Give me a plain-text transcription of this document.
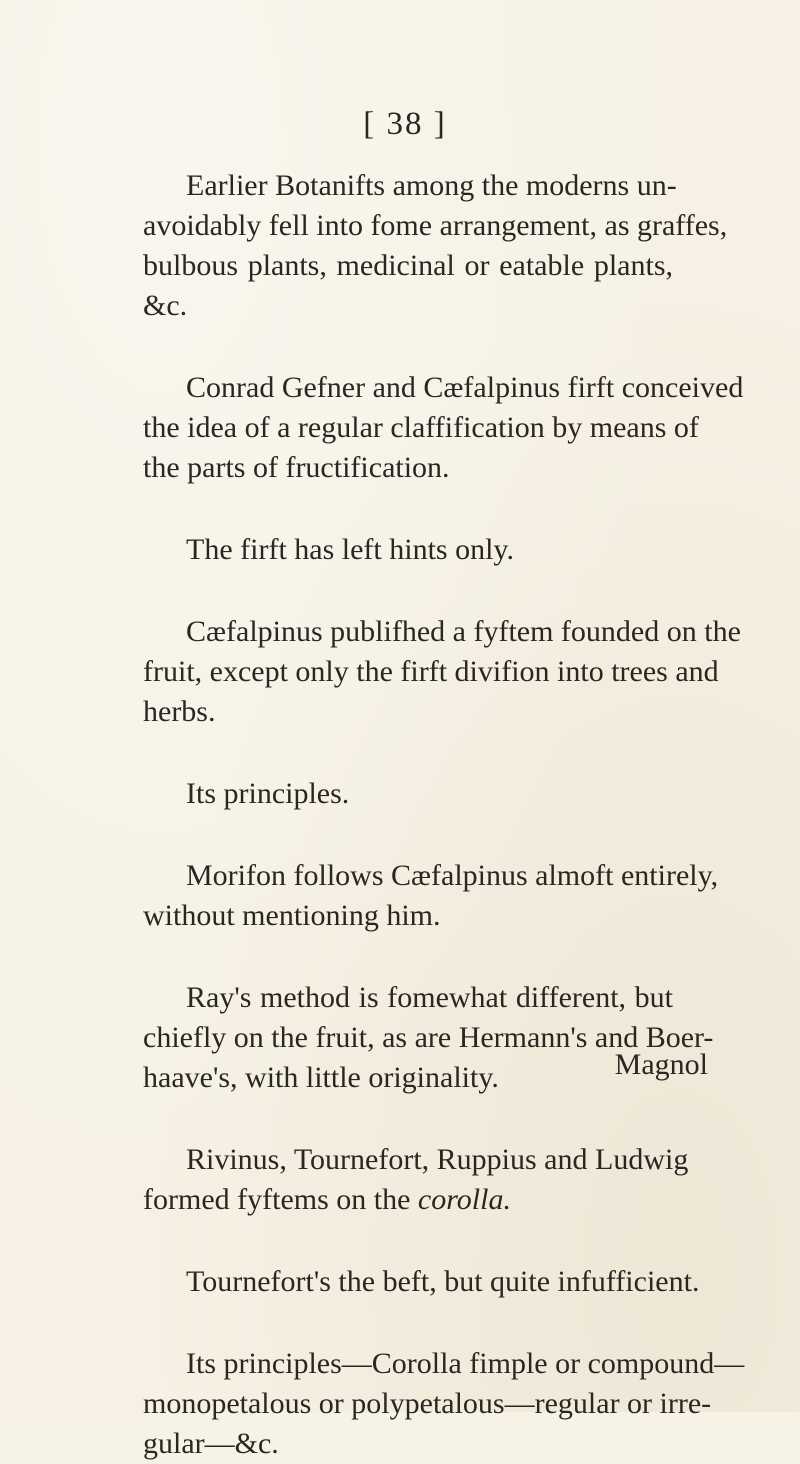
[ 38 ]

Earlier Botanifts among the moderns un-
avoidably fell into fome arrangement, as graffes,
bulbous plants, medicinal or eatable plants,
&c.

Conrad Gefner and Cæfalpinus firft conceived
the idea of a regular claffification by means of
the parts of fructification.

The firft has left hints only.

Cæfalpinus publifhed a fyftem founded on the
fruit, except only the firft divifion into trees and
herbs.

Its principles.

Morifon follows Cæfalpinus almoft entirely,
without mentioning him.

Ray's method is fomewhat different, but
chiefly on the fruit, as are Hermann's and Boer-
haave's, with little originality.

Rivinus, Tournefort, Ruppius and Ludwig
formed fyftems on the corolla.

Tournefort's the beft, but quite infufficient.

Its principles—Corolla fimple or compound—
monopetalous or polypetalous—regular or irre-
gular—&c.

Magnol
